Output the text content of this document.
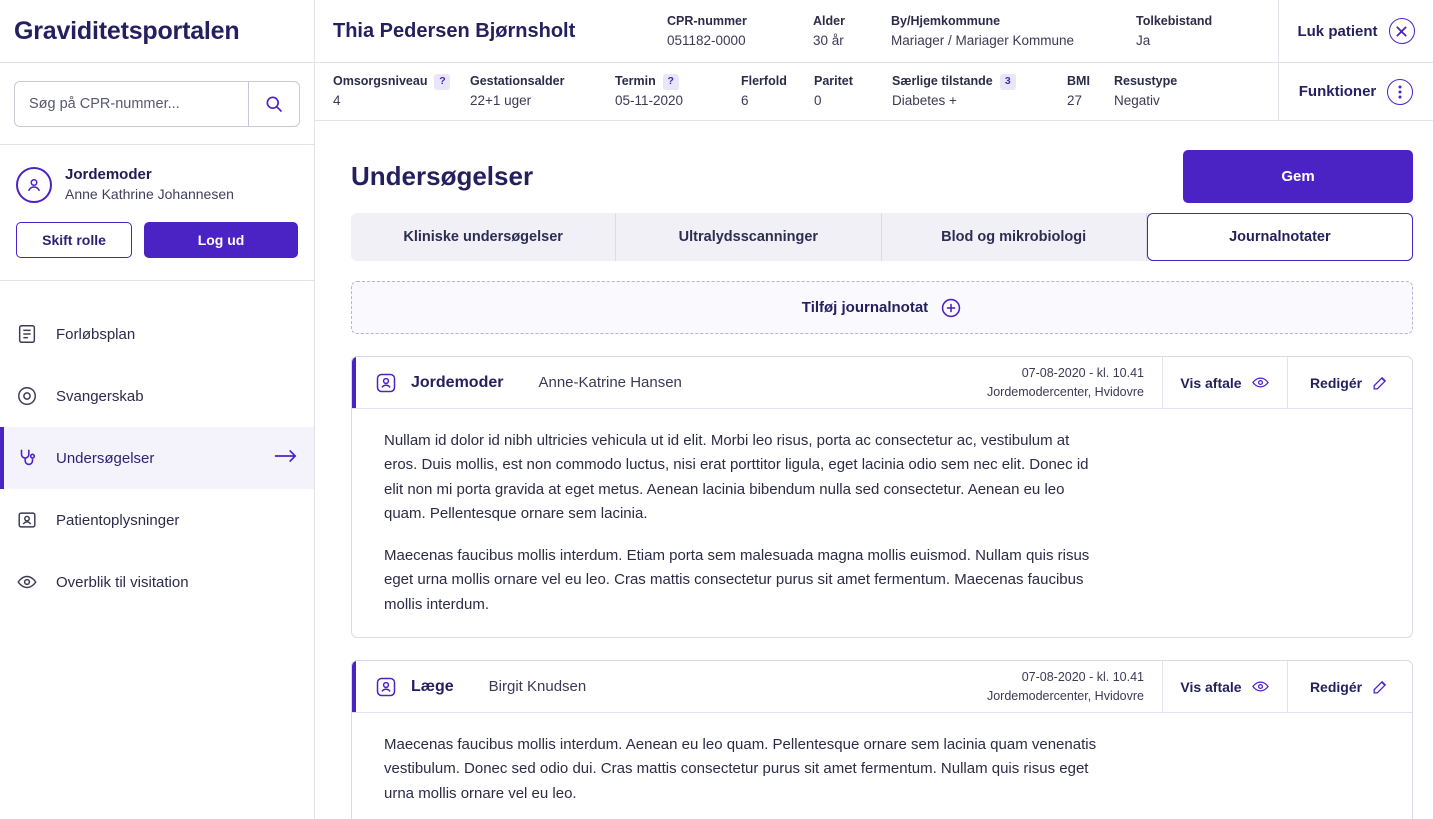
Graviditetsportalen
Søg på CPR-nummer...
Jordemoder
Anne Kathrine Johannesen
Skift rolle	Log ud
Forløbsplan
Svangerskab
Undersøgelser
Patientoplysninger
Overblik til visitation
Thia Pedersen Bjørnsholt	CPR-nummer
051182-0000
Alder
30 år
By/Hjemkommune
Mariager / Mariager Kommune
Tolkebistand
Ja
Luk patient
Omsorgsniveau	?
4
Gestationsalder
22+1 uger
Termin	?
05-11-2020
Flerfold
6
Paritet
0
Særlige tilstande	3
Diabetes +
BMI
27
Resustype
Negativ
Funktioner
Undersøgelser	Gem
Kliniske undersøgelser	Ultralydsscanninger	Blod og mikrobiologi	Journalnotater
Tilføj journalnotat
Jordemoder Anne-Katrine Hansen
07-08-2020 - kl. 10.41
Jordemodercenter, Hvidovre
Vis aftale	Redigér

Nullam id dolor id nibh ultricies vehicula ut id elit. Morbi leo risus, porta ac consectetur ac, vestibulum at eros. Duis mollis, est non commodo luctus, nisi erat porttitor ligula, eget lacinia odio sem nec elit. Donec id elit non mi porta gravida at eget metus. Aenean lacinia bibendum nulla sed consectetur. Aenean eu leo quam. Pellentesque ornare sem lacinia.

Maecenas faucibus mollis interdum. Etiam porta sem malesuada magna mollis euismod. Nullam quis risus eget urna mollis ornare vel eu leo. Cras mattis consectetur purus sit amet fermentum. Maecenas faucibus mollis interdum.

Læge Birgit Knudsen
07-08-2020 - kl. 10.41
Jordemodercenter, Hvidovre
Vis aftale	Redigér

Maecenas faucibus mollis interdum. Aenean eu leo quam. Pellentesque ornare sem lacinia quam venenatis vestibulum. Donec sed odio dui. Cras mattis consectetur purus sit amet fermentum. Nullam quis risus eget urna mollis ornare vel eu leo.
